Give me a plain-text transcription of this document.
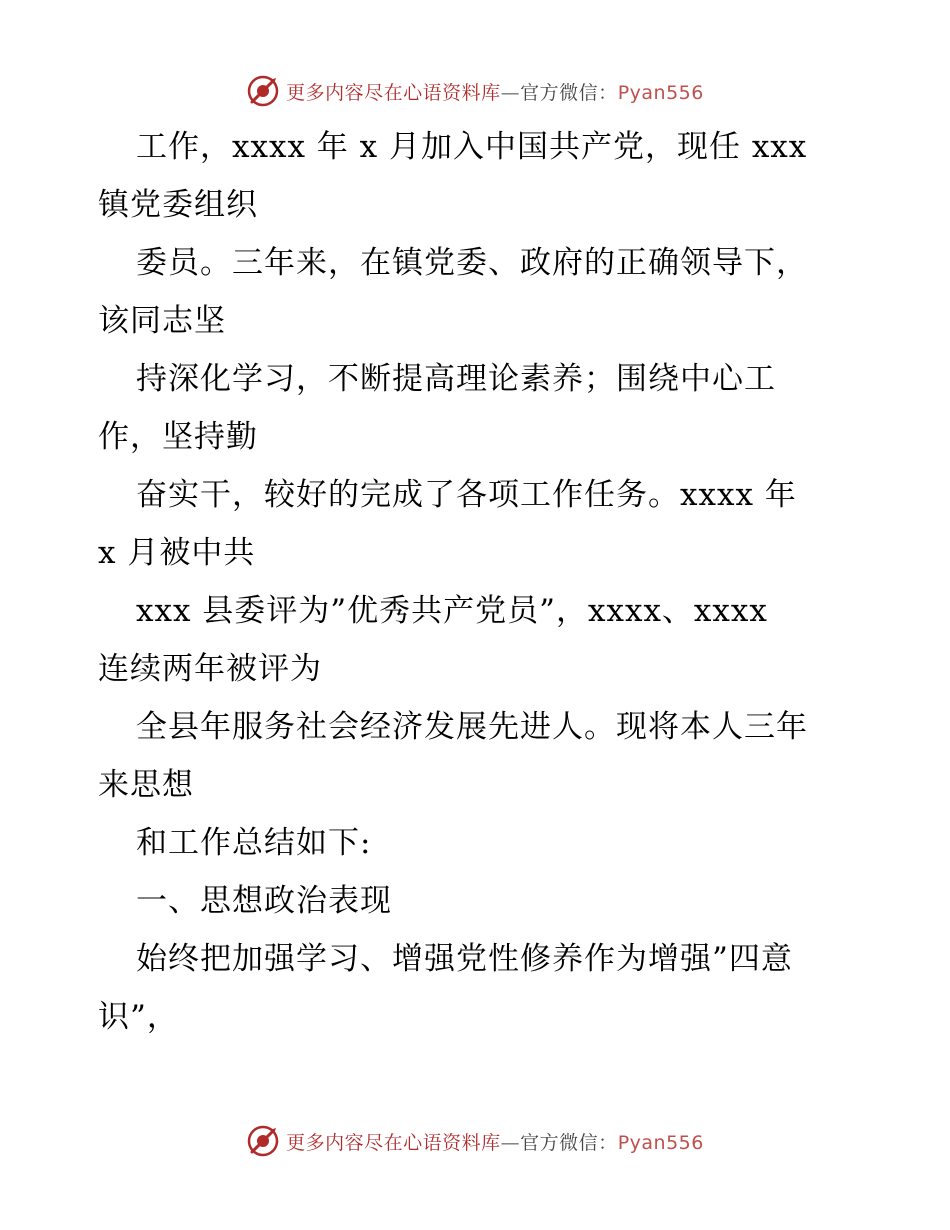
更多内容尽在心语资料库—官方微信：Pyan556
工作，xxxx 年 x 月加入中国共产党，现任 xxx
镇党委组织
委员。三年来，在镇党委、政府的正确领导下，
该同志坚
持深化学习，不断提高理论素养；围绕中心工
作，坚持勤
奋实干，较好的完成了各项工作任务。xxxx 年
x 月被中共
xxx 县委评为”优秀共产党员”，xxxx、xxxx
连续两年被评为
全县年服务社会经济发展先进人。现将本人三年
来思想
和工作总结如下:
一、思想政治表现
始终把加强学习、增强党性修养作为增强”四意
识”，
更多内容尽在心语资料库—官方微信：Pyan556
